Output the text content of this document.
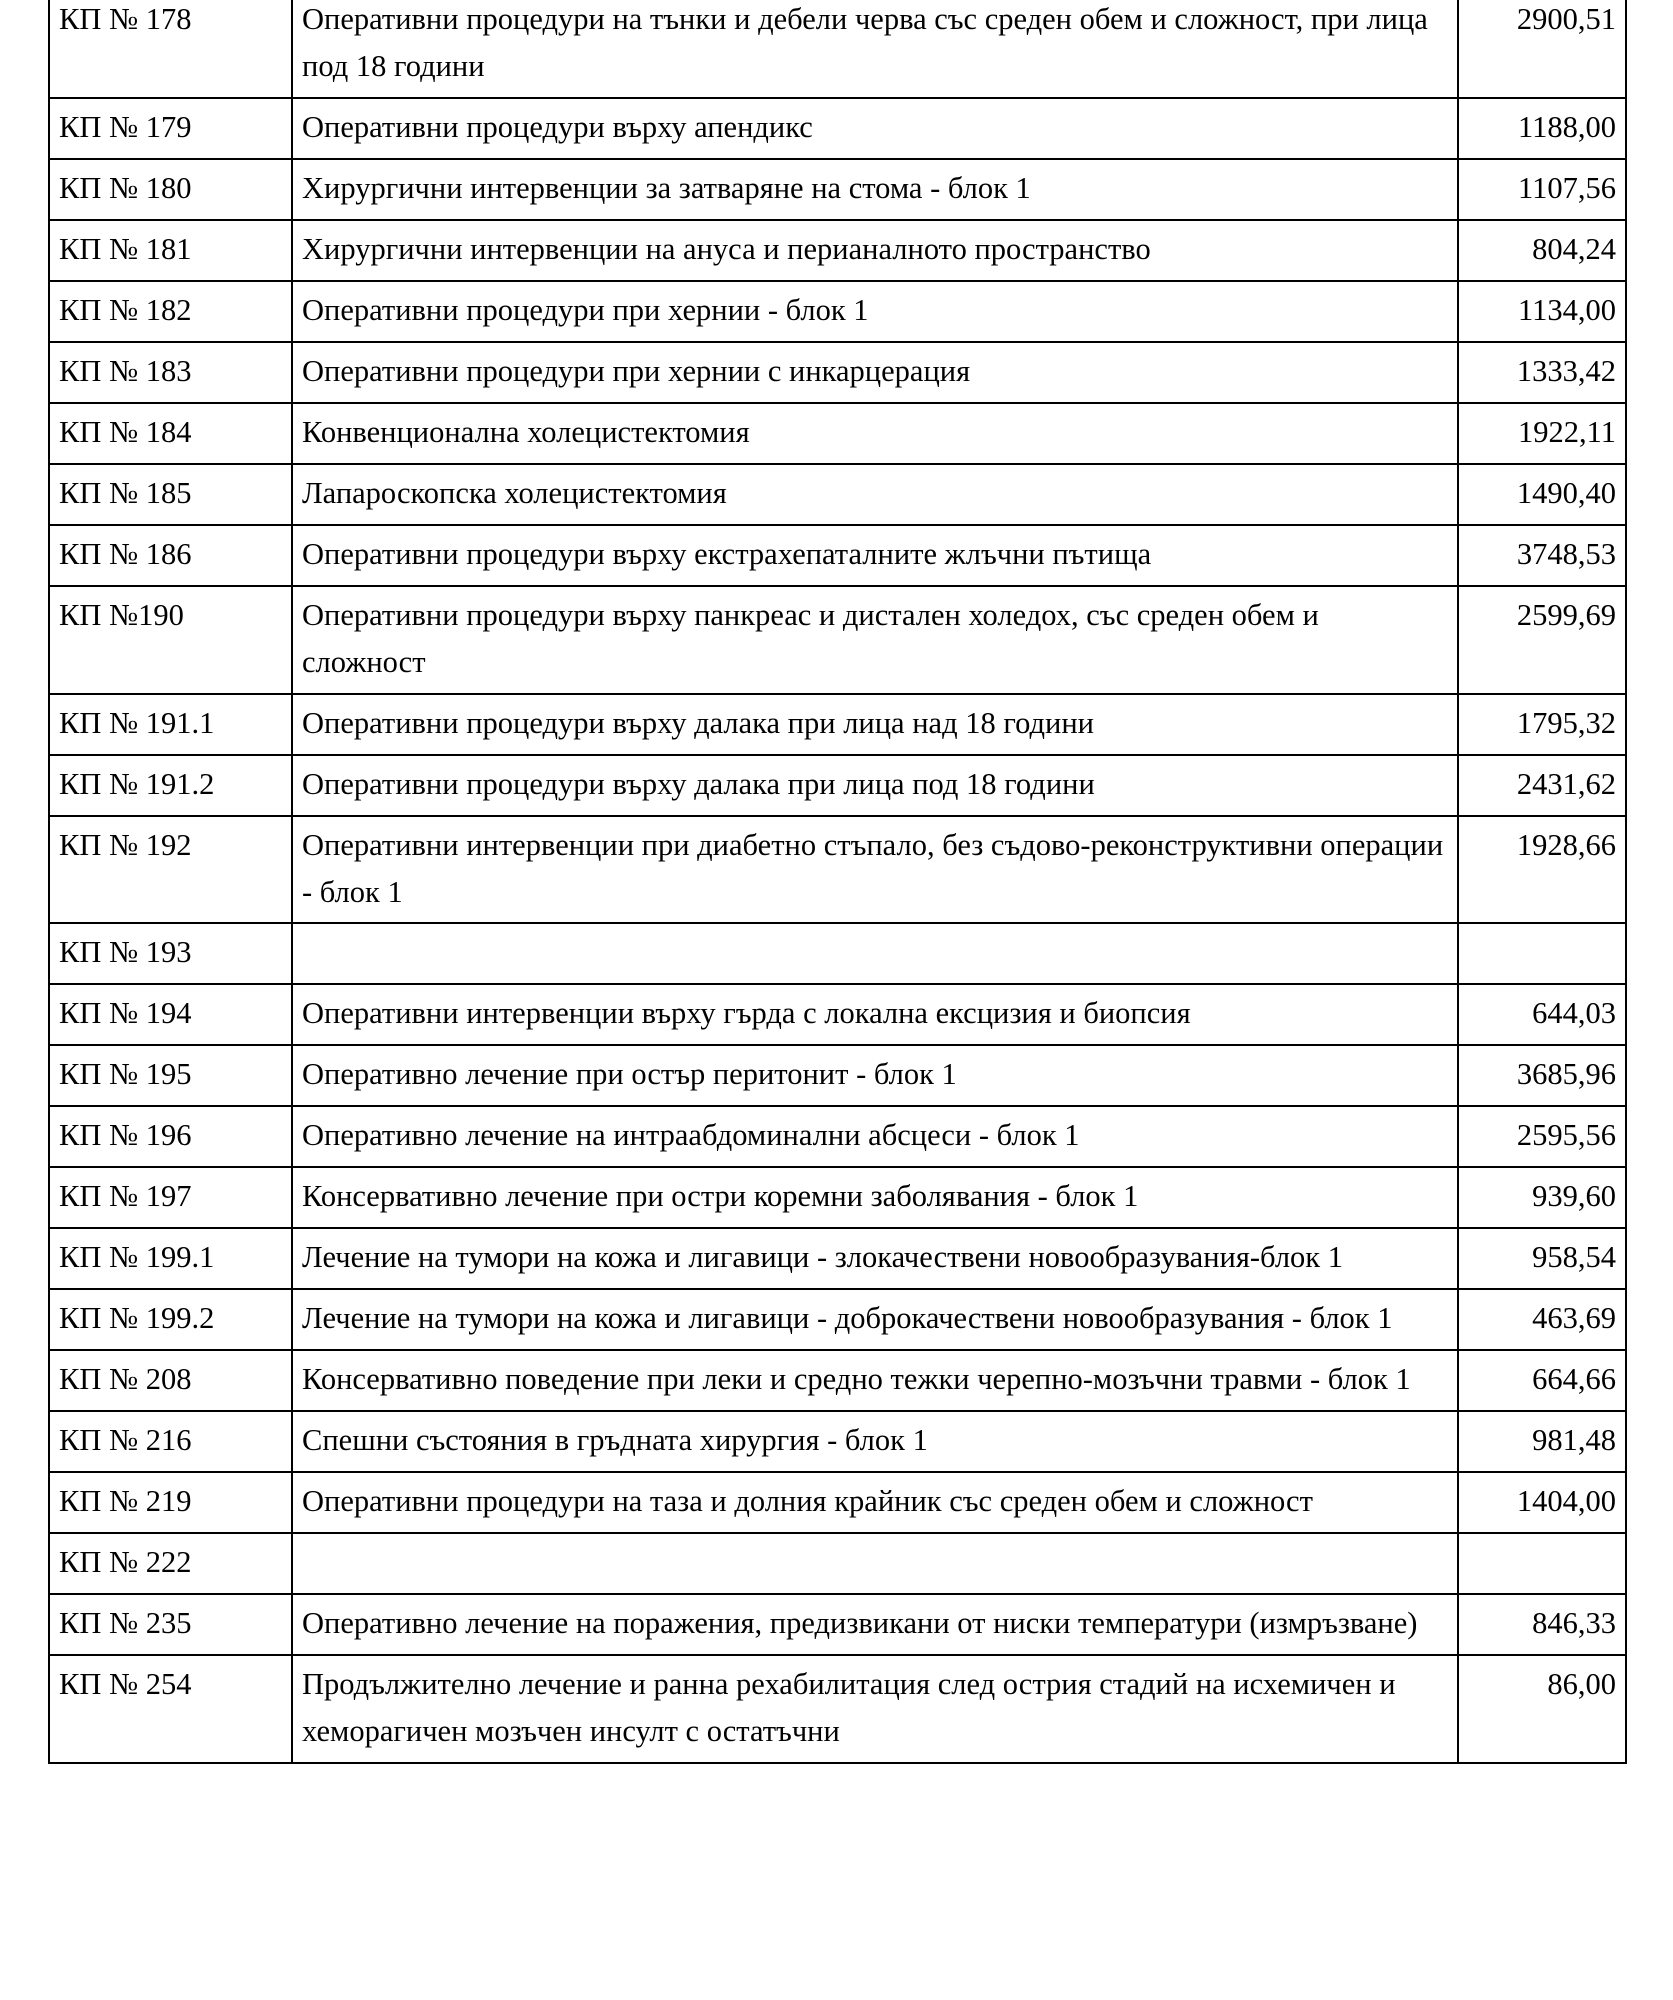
КП № 178	Оперативни процедури на тънки и дебели черва със среден обем и сложност, при лица под 18 години	2900,51
КП № 179	Оперативни процедури върху апендикс	1188,00
КП № 180	Хирургични интервенции за затваряне на стома - блок 1	1107,56
КП № 181	Хирургични интервенции на ануса и перианалното пространство	804,24
КП № 182	Оперативни процедури при хернии - блок 1	1134,00
КП № 183	Оперативни процедури при хернии с инкарцерация	1333,42
КП № 184	Конвенционална холецистектомия	1922,11
КП № 185	Лапароскопска холецистектомия	1490,40
КП № 186	Оперативни процедури върху екстрахепаталните жлъчни пътища	3748,53
КП №190	Оперативни процедури върху панкреас и дистален холедох, със среден обем и сложност	2599,69
КП № 191.1	Оперативни процедури върху далака при лица над 18 години	1795,32
КП № 191.2	Оперативни процедури върху далака при лица под 18 години	2431,62
КП № 192	Оперативни интервенции при диабетно стъпало, без съдово-реконструктивни операции - блок 1	1928,66
КП № 193		
КП № 194	Оперативни интервенции върху гърда с локална ексцизия и биопсия	644,03
КП № 195	Оперативно лечение при остър перитонит - блок 1	3685,96
КП № 196	Оперативно лечение на интраабдоминални абсцеси - блок 1	2595,56
КП № 197	Консервативно лечение при остри коремни заболявания - блок 1	939,60
КП № 199.1	Лечение на тумори на кожа и лигавици - злокачествени новообразувания-блок 1	958,54
КП № 199.2	Лечение на тумори на кожа и лигавици - доброкачествени новообразувания - блок 1	463,69
КП № 208	Консервативно поведение при леки и средно тежки черепно-мозъчни травми - блок 1	664,66
КП № 216	Спешни състояния в гръдната хирургия - блок 1	981,48
КП № 219	Оперативни процедури на таза и долния крайник със среден обем и сложност	1404,00
КП № 222		
КП № 235	Оперативно лечение на поражения, предизвикани от ниски температури (измръзване)	846,33
КП № 254	Продължително лечение и ранна рехабилитация след острия стадий на исхемичен и хеморагичен мозъчен инсулт с остатъчни	86,00
